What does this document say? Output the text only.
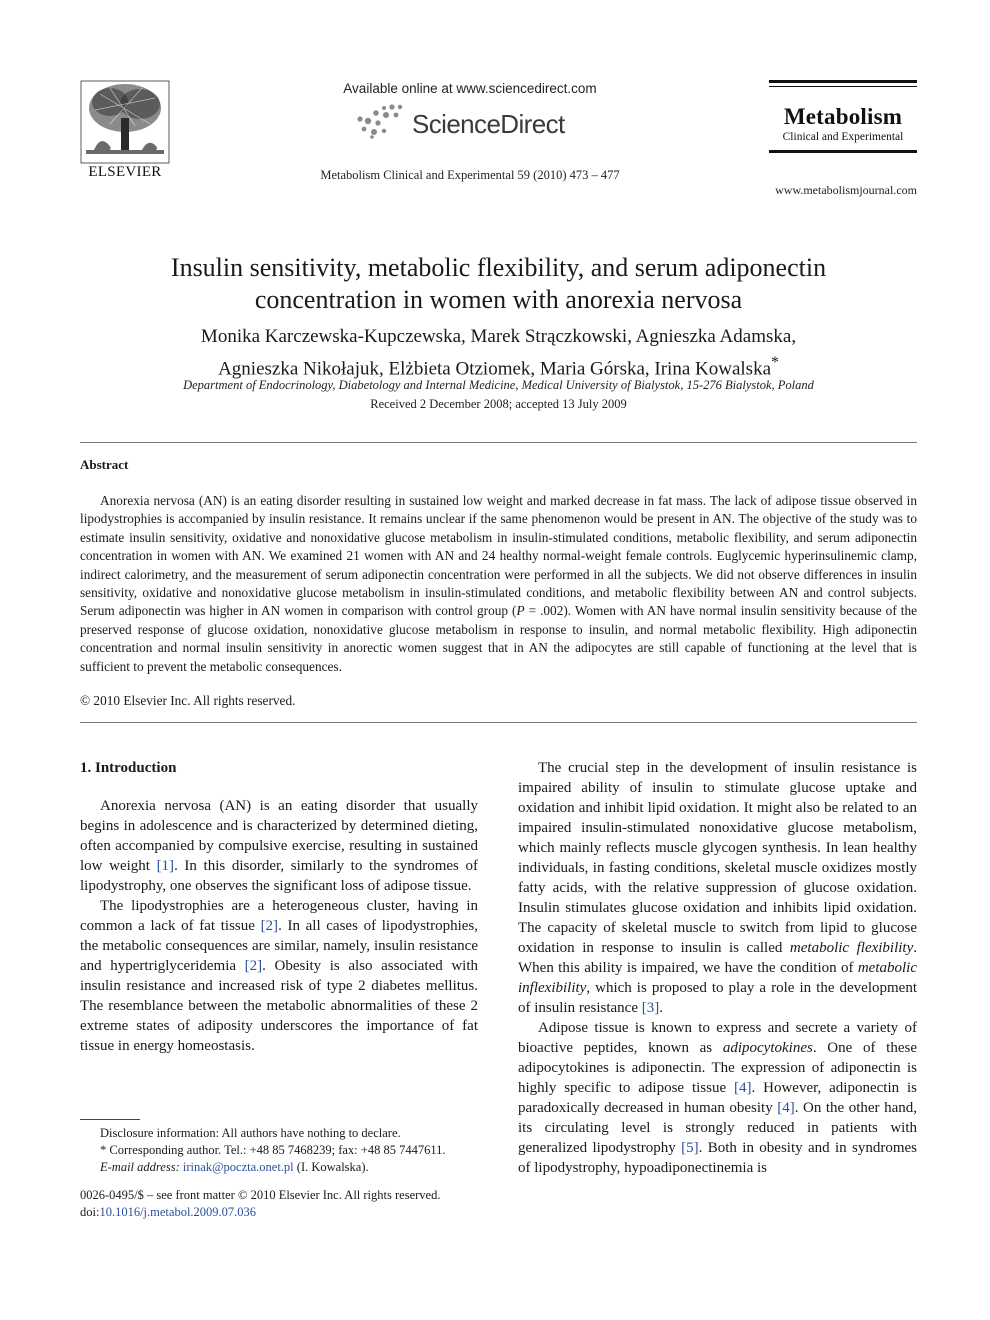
ELSEVIER
Available online at www.sciencedirect.com
ScienceDirect
Metabolism Clinical and Experimental 59 (2010) 473 – 477
Metabolism
Clinical and Experimental
www.metabolismjournal.com
Insulin sensitivity, metabolic flexibility, and serum adiponectin
concentration in women with anorexia nervosa
Monika Karczewska-Kupczewska, Marek Strączkowski, Agnieszka Adamska,
Agnieszka Nikołajuk, Elżbieta Otziomek, Maria Górska, Irina Kowalska*
Department of Endocrinology, Diabetology and Internal Medicine, Medical University of Bialystok, 15-276 Bialystok, Poland
Received 2 December 2008; accepted 13 July 2009
Abstract
Anorexia nervosa (AN) is an eating disorder resulting in sustained low weight and marked decrease in fat mass. The lack of adipose tissue observed in lipodystrophies is accompanied by insulin resistance. It remains unclear if the same phenomenon would be present in AN. The objective of the study was to estimate insulin sensitivity, oxidative and nonoxidative glucose metabolism in insulin-stimulated conditions, metabolic flexibility, and serum adiponectin concentration in women with AN. We examined 21 women with AN and 24 healthy normal-weight female controls. Euglycemic hyperinsulinemic clamp, indirect calorimetry, and the measurement of serum adiponectin concentration were performed in all the subjects. We did not observe differences in insulin sensitivity, oxidative and nonoxidative glucose metabolism in insulin-stimulated conditions, and metabolic flexibility between AN and control subjects. Serum adiponectin was higher in AN women in comparison with control group (P = .002). Women with AN have normal insulin sensitivity because of the preserved response of glucose oxidation, nonoxidative glucose metabolism in response to insulin, and normal metabolic flexibility. High adiponectin concentration and normal insulin sensitivity in anorectic women suggest that in AN the adipocytes are still capable of functioning at the level that is sufficient to prevent the metabolic consequences.
© 2010 Elsevier Inc. All rights reserved.
1. Introduction

Anorexia nervosa (AN) is an eating disorder that usually begins in adolescence and is characterized by determined dieting, often accompanied by compulsive exercise, resulting in sustained low weight [1]. In this disorder, similarly to the syndromes of lipodystrophy, one observes the significant loss of adipose tissue.

The lipodystrophies are a heterogeneous cluster, having in common a lack of fat tissue [2]. In all cases of lipodystrophies, the metabolic consequences are similar, namely, insulin resistance and hypertriglyceridemia [2]. Obesity is also associated with insulin resistance and increased risk of type 2 diabetes mellitus. The resemblance between the metabolic abnormalities of these 2 extreme states of adiposity underscores the importance of fat tissue in energy homeostasis.

The crucial step in the development of insulin resistance is impaired ability of insulin to stimulate glucose uptake and oxidation and inhibit lipid oxidation. It might also be related to an impaired insulin-stimulated nonoxidative glucose metabolism, which mainly reflects muscle glycogen synthesis. In lean healthy individuals, in fasting conditions, skeletal muscle oxidizes mostly fatty acids, with the relative suppression of glucose oxidation. Insulin stimulates glucose oxidation and inhibits lipid oxidation. The capacity of skeletal muscle to switch from lipid to glucose oxidation in response to insulin is called metabolic flexibility. When this ability is impaired, we have the condition of metabolic inflexibility, which is proposed to play a role in the development of insulin resistance [3].

Adipose tissue is known to express and secrete a variety of bioactive peptides, known as adipocytokines. One of these adipocytokines is adiponectin. The expression of adiponectin is highly specific to adipose tissue [4]. However, adiponectin is paradoxically decreased in human obesity [4]. On the other hand, its circulating level is strongly reduced in patients with generalized lipodystrophy [5]. Both in obesity and in syndromes of lipodystrophy, hypoadiponectinemia is

Disclosure information: All authors have nothing to declare.

* Corresponding author. Tel.: +48 85 7468239; fax: +48 85 7447611.

E-mail address: irinak@poczta.onet.pl (I. Kowalska).

0026-0495/$ – see front matter © 2010 Elsevier Inc. All rights reserved.
doi:10.1016/j.metabol.2009.07.036
